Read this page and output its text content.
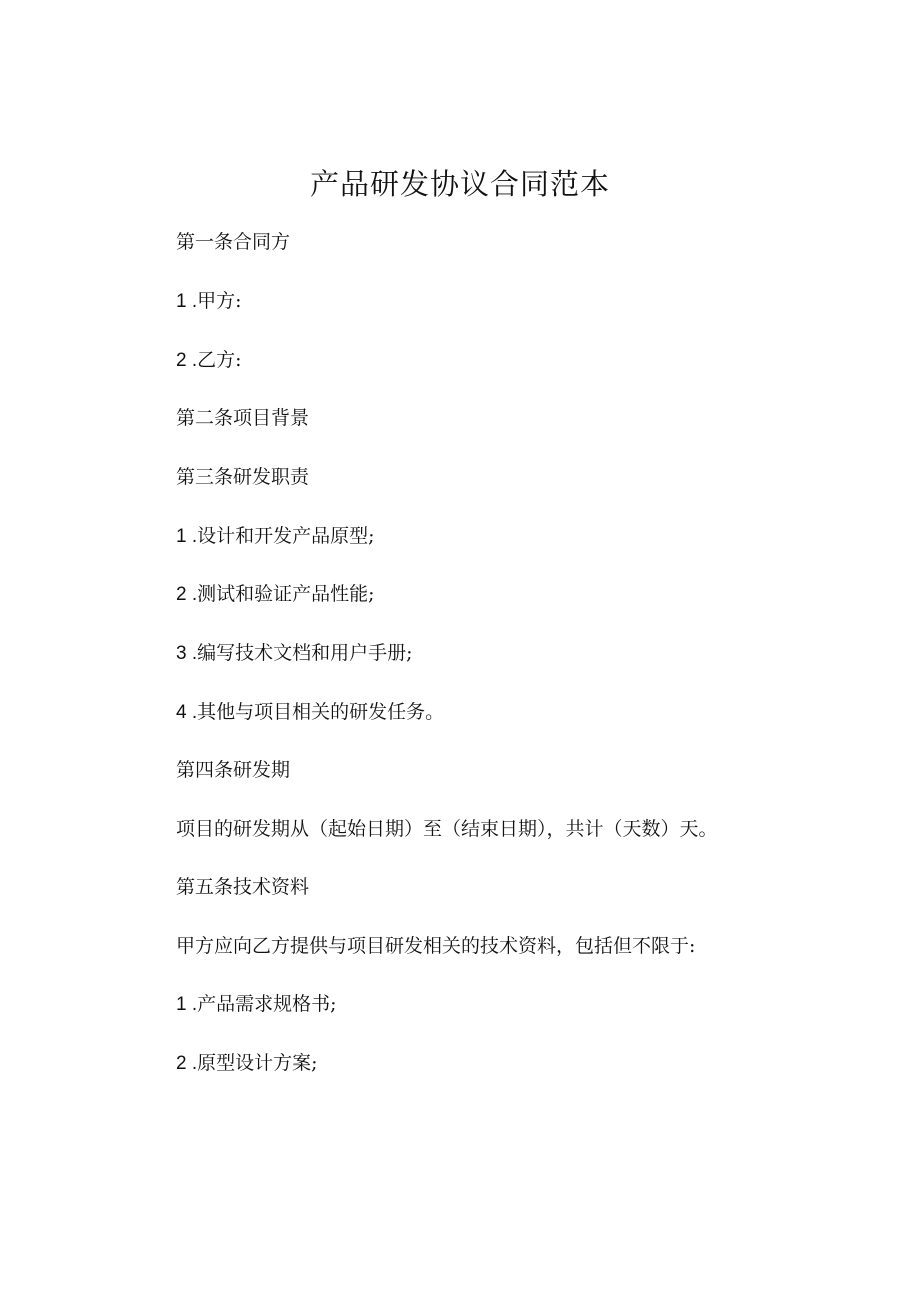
产品研发协议合同范本
第一条合同方
1 .甲方:
2 .乙方:
第二条项目背景
第三条研发职责
1 .设计和开发产品原型;
2 .测试和验证产品性能;
3 .编写技术文档和用户手册;
4 .其他与项目相关的研发任务。
第四条研发期
项目的研发期从（起始日期）至（结束日期），共计（天数）天。
第五条技术资料
甲方应向乙方提供与项目研发相关的技术资料，包括但不限于:
1 .产品需求规格书;
2 .原型设计方案;
